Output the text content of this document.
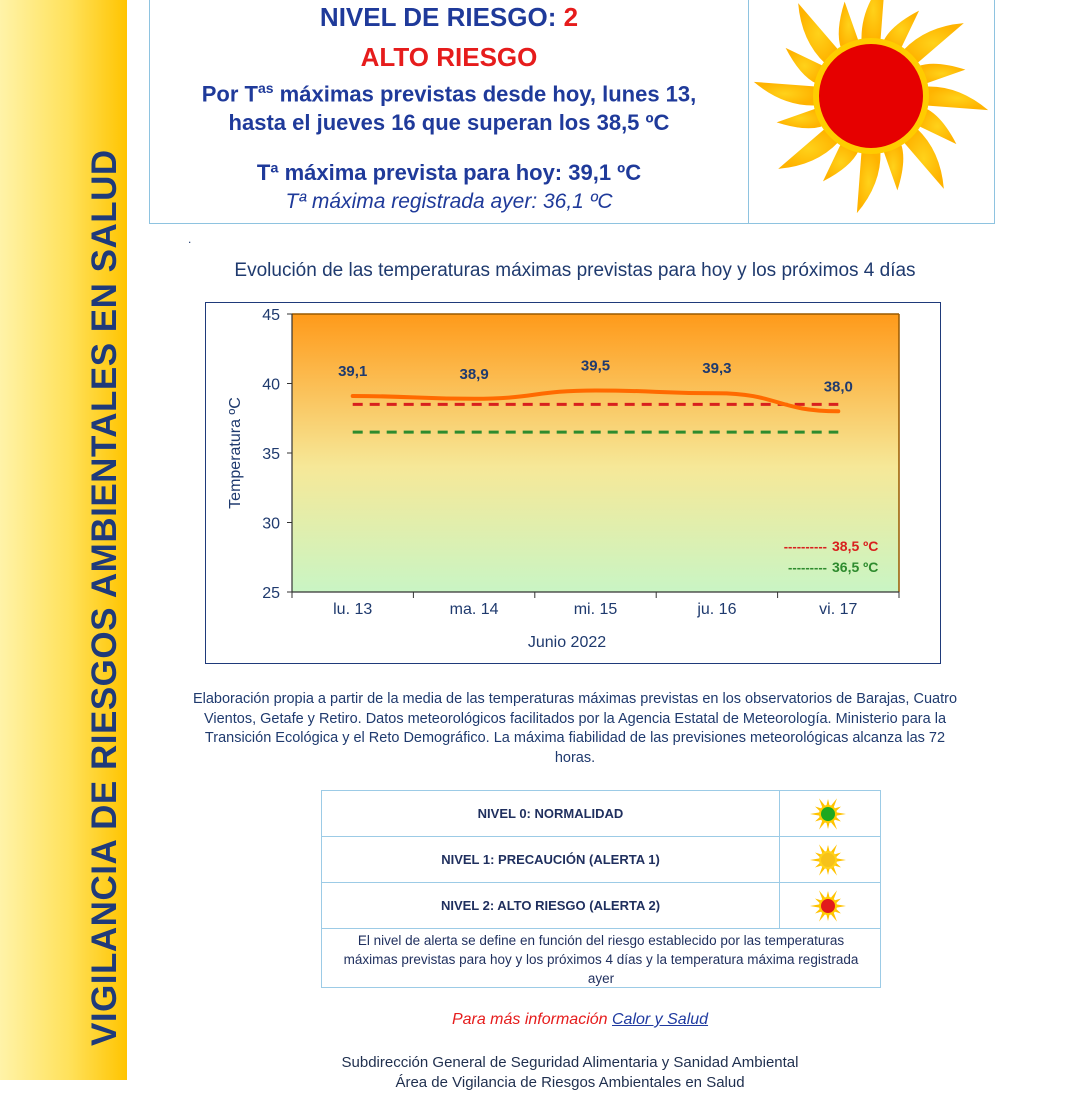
VIGILANCIA DE RIESGOS AMBIENTALES EN SALUD
NIVEL DE RIESGO: 2
ALTO RIESGO
Por $T^{as}$ máximas previstas desde hoy, lunes 13,
hasta el jueves 16 que superan los 38,5 ºC
Tª máxima prevista para hoy: 39,1 ºC
Tª máxima registrada ayer: 36,1 ºC
.
Evolución de las temperaturas máximas previstas para hoy y los próximos 4 días
25
30
35
40
45
lu. 13	ma. 14	mi. 15	ju. 16	vi. 17
39,1	38,9	39,5	39,3
38,0
Temperatura ºC
Junio 2022
---------- 38,5 ºC
--------- 36,5 ºC
Elaboración propia a partir de la media de las temperaturas máximas previstas en los observatorios de Barajas, Cuatro Vientos, Getafe y Retiro. Datos meteorológicos facilitados por la Agencia Estatal de Meteorología. Ministerio para la Transición Ecológica y el Reto Demográfico. La máxima fiabilidad de las previsiones meteorológicas alcanza las 72 horas.
NIVEL 0: NORMALIDAD
NIVEL 1: PRECAUCIÓN (ALERTA 1)
NIVEL 2: ALTO RIESGO (ALERTA 2)
El nivel de alerta se define en función del riesgo establecido por las temperaturas máximas previstas para hoy y los próximos 4 días y la temperatura máxima registrada ayer
Para más información Calor y Salud
Subdirección General de Seguridad Alimentaria y Sanidad Ambiental
Área de Vigilancia de Riesgos Ambientales en Salud
